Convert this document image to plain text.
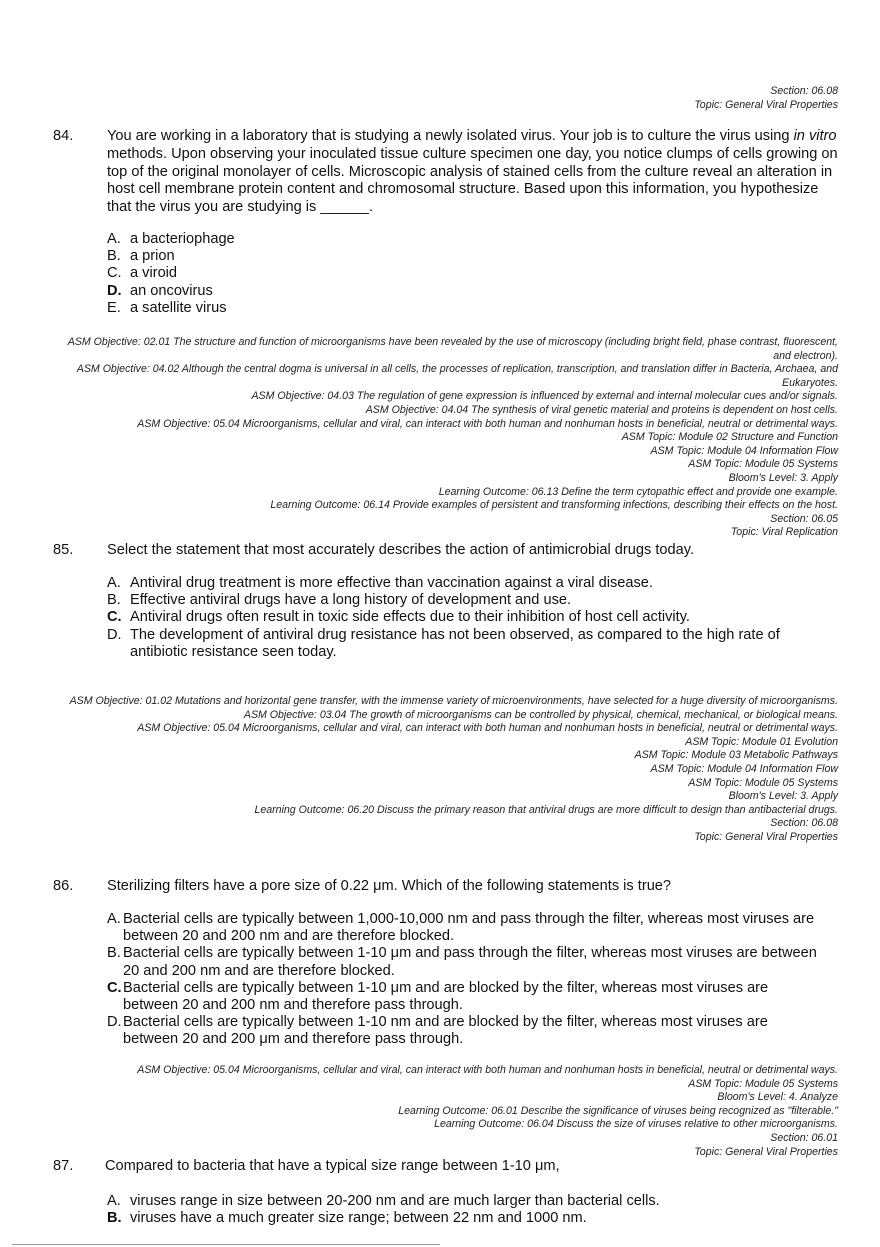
Section: 06.08
Topic: General Viral Properties
84. You are working in a laboratory that is studying a newly isolated virus. Your job is to culture the virus using in vitro methods. Upon observing your inoculated tissue culture specimen one day, you notice clumps of cells growing on top of the original monolayer of cells. Microscopic analysis of stained cells from the culture reveal an alteration in host cell membrane protein content and chromosomal structure. Based upon this information, you hypothesize that the virus you are studying is ______.
A. a bacteriophage
B. a prion
C. a viroid
D. an oncovirus
E. a satellite virus
ASM Objective: 02.01 The structure and function of microorganisms have been revealed by the use of microscopy (including bright field, phase contrast, fluorescent, and electron).
ASM Objective: 04.02 Although the central dogma is universal in all cells, the processes of replication, transcription, and translation differ in Bacteria, Archaea, and Eukaryotes.
ASM Objective: 04.03 The regulation of gene expression is influenced by external and internal molecular cues and/or signals.
ASM Objective: 04.04 The synthesis of viral genetic material and proteins is dependent on host cells.
ASM Objective: 05.04 Microorganisms, cellular and viral, can interact with both human and nonhuman hosts in beneficial, neutral or detrimental ways.
ASM Topic: Module 02 Structure and Function
ASM Topic: Module 04 Information Flow
ASM Topic: Module 05 Systems
Bloom's Level: 3. Apply
Learning Outcome: 06.13 Define the term cytopathic effect and provide one example.
Learning Outcome: 06.14 Provide examples of persistent and transforming infections, describing their effects on the host.
Section: 06.05
Topic: Viral Replication
85. Select the statement that most accurately describes the action of antimicrobial drugs today.
A. Antiviral drug treatment is more effective than vaccination against a viral disease.
B. Effective antiviral drugs have a long history of development and use.
C. Antiviral drugs often result in toxic side effects due to their inhibition of host cell activity.
D. The development of antiviral drug resistance has not been observed, as compared to the high rate of antibiotic resistance seen today.
ASM Objective: 01.02 Mutations and horizontal gene transfer, with the immense variety of microenvironments, have selected for a huge diversity of microorganisms.
ASM Objective: 03.04 The growth of microorganisms can be controlled by physical, chemical, mechanical, or biological means.
ASM Objective: 05.04 Microorganisms, cellular and viral, can interact with both human and nonhuman hosts in beneficial, neutral or detrimental ways.
ASM Topic: Module 01 Evolution
ASM Topic: Module 03 Metabolic Pathways
ASM Topic: Module 04 Information Flow
ASM Topic: Module 05 Systems
Bloom's Level: 3. Apply
Learning Outcome: 06.20 Discuss the primary reason that antiviral drugs are more difficult to design than antibacterial drugs.
Section: 06.08
Topic: General Viral Properties
86. Sterilizing filters have a pore size of 0.22 μm. Which of the following statements is true?
A. Bacterial cells are typically between 1,000-10,000 nm and pass through the filter, whereas most viruses are between 20 and 200 nm and are therefore blocked.
B. Bacterial cells are typically between 1-10 μm and pass through the filter, whereas most viruses are between 20 and 200 nm and are therefore blocked.
C. Bacterial cells are typically between 1-10 μm and are blocked by the filter, whereas most viruses are between 20 and 200 nm and therefore pass through.
D. Bacterial cells are typically between 1-10 nm and are blocked by the filter, whereas most viruses are between 20 and 200 μm and therefore pass through.
ASM Objective: 05.04 Microorganisms, cellular and viral, can interact with both human and nonhuman hosts in beneficial, neutral or detrimental ways.
ASM Topic: Module 05 Systems
Bloom's Level: 4. Analyze
Learning Outcome: 06.01 Describe the significance of viruses being recognized as "filterable."
Learning Outcome: 06.04 Discuss the size of viruses relative to other microorganisms.
Section: 06.01
Topic: General Viral Properties
87. Compared to bacteria that have a typical size range between 1-10 μm,
A. viruses range in size between 20-200 nm and are much larger than bacterial cells.
B. viruses have a much greater size range; between 22 nm and 1000 nm.
